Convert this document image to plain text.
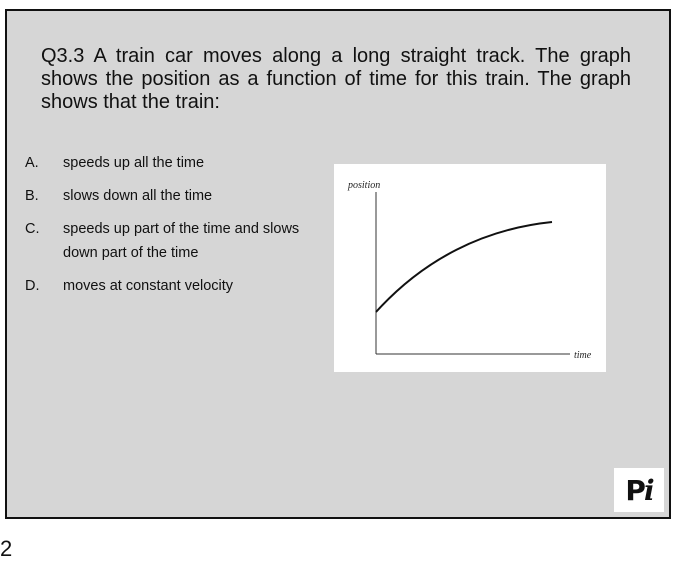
Q3.3 A train car moves along a long straight track. The graph shows the position as a function of time for this train. The graph shows that the train:
A.	speeds up all the time
B.	slows down all the time
C.	speeds up part of the time and slows down part of the time
D.	moves at constant velocity
position
time
P i
2
